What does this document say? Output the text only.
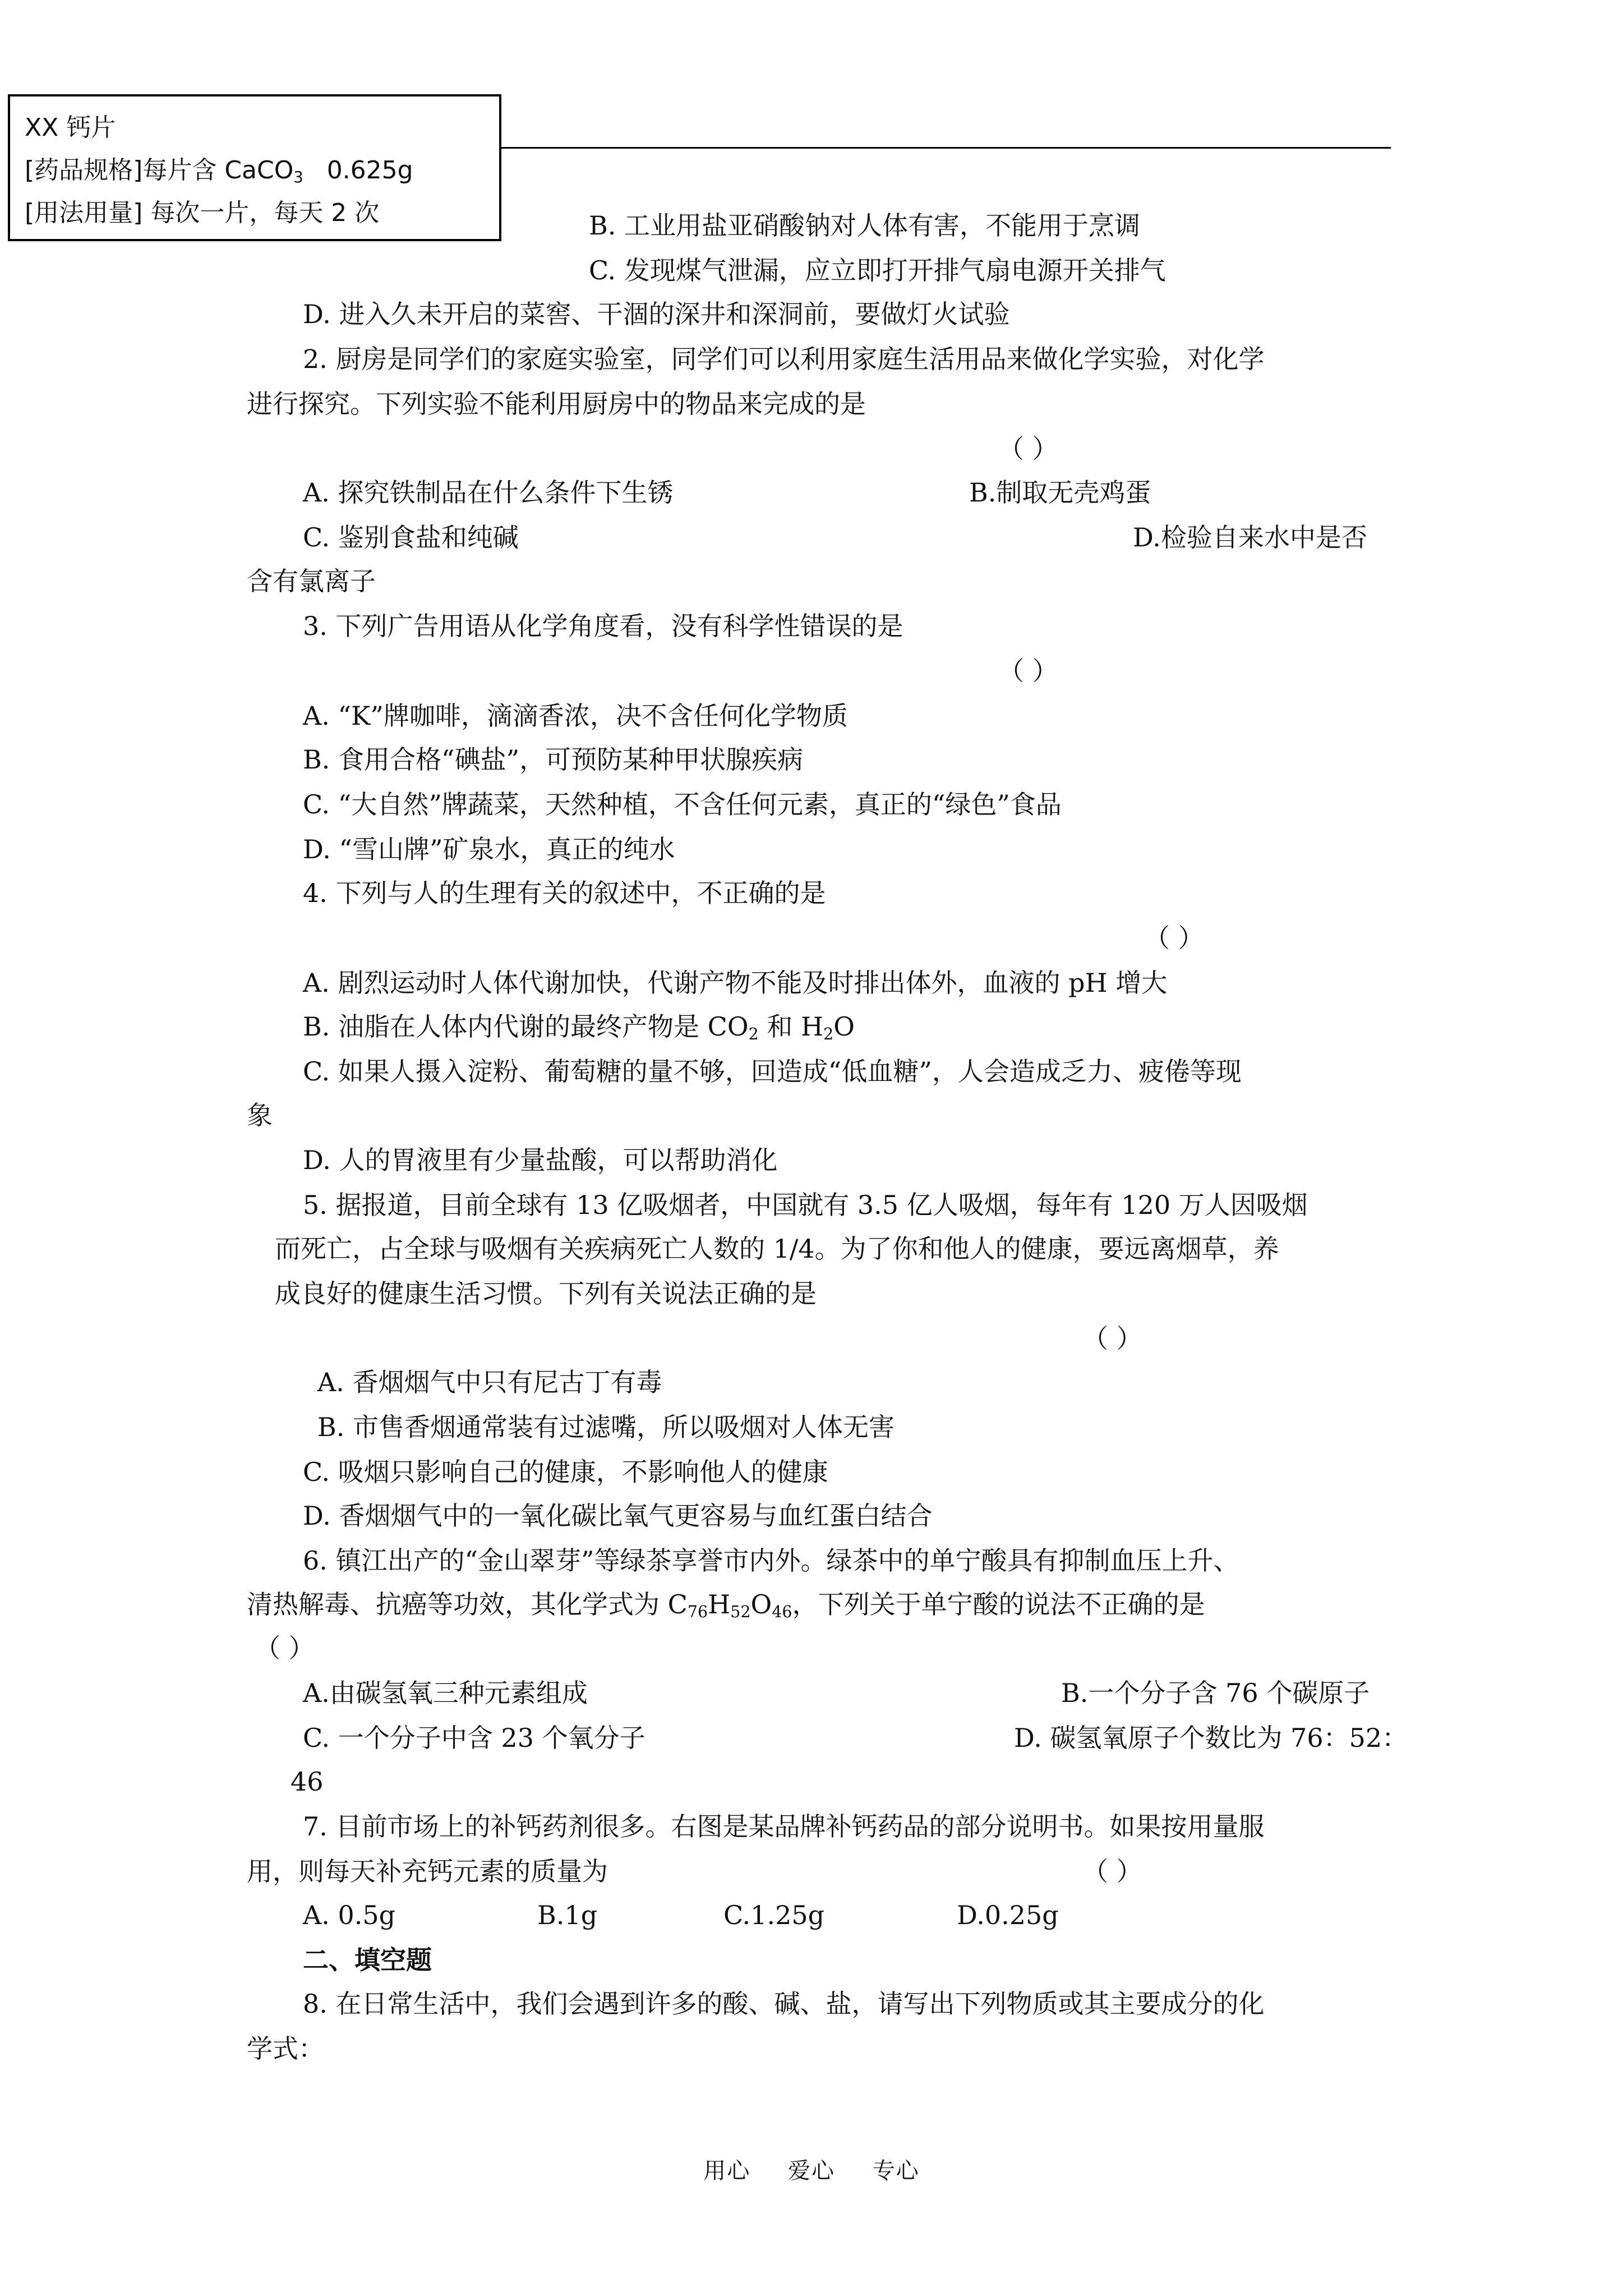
XX 钙片
[药品规格]每片含 CaCO$_3$ 0.625g
[用法用量] 每次一片，每天 2 次	B. 工业用盐亚硝酸钠对人体有害，不能用于烹调
C. 发现煤气泄漏，应立即打开排气扇电源开关排气
D. 进入久未开启的菜窖、干涸的深井和深洞前，要做灯火试验
2. 厨房是同学们的家庭实验室，同学们可以利用家庭生活用品来做化学实验，对化学
进行探究。下列实验不能利用厨房中的物品来完成的是
（ ）
A. 探究铁制品在什么条件下生锈	B.制取无壳鸡蛋
C. 鉴别食盐和纯碱	D.检验自来水中是否
含有氯离子
3. 下列广告用语从化学角度看，没有科学性错误的是
（ ）
A. “K”牌咖啡，滴滴香浓，决不含任何化学物质
B. 食用合格“碘盐”，可预防某种甲状腺疾病
C. “大自然”牌蔬菜，天然种植，不含任何元素，真正的“绿色”食品
D. “雪山牌”矿泉水，真正的纯水
4. 下列与人的生理有关的叙述中，不正确的是
（ ）
A. 剧烈运动时人体代谢加快，代谢产物不能及时排出体外，血液的 pH 增大
B. 油脂在人体内代谢的最终产物是 $CO_2$ 和 $H_2O$
C. 如果人摄入淀粉、葡萄糖的量不够，回造成“低血糖”，人会造成乏力、疲倦等现
象
D. 人的胃液里有少量盐酸，可以帮助消化
5. 据报道，目前全球有 13 亿吸烟者，中国就有 3.5 亿人吸烟，每年有 120 万人因吸烟
而死亡，占全球与吸烟有关疾病死亡人数的 1/4。为了你和他人的健康，要远离烟草，养
成良好的健康生活习惯。下列有关说法正确的是
（ ）
A. 香烟烟气中只有尼古丁有毒
B. 市售香烟通常装有过滤嘴，所以吸烟对人体无害
C. 吸烟只影响自己的健康，不影响他人的健康
D. 香烟烟气中的一氧化碳比氧气更容易与血红蛋白结合
6. 镇江出产的“金山翠芽”等绿茶享誉市内外。绿茶中的单宁酸具有抑制血压上升、
清热解毒、抗癌等功效，其化学式为 $C_{76}H_{52}O_{46}$，下列关于单宁酸的说法不正确的是
（ ）
A.由碳氢氧三种元素组成	B.一个分子含 76 个碳原子
C. 一个分子中含 23 个氧分子	D. 碳氢氧原子个数比为 76：52：
46
7. 目前市场上的补钙药剂很多。右图是某品牌补钙药品的部分说明书。如果按用量服
用，则每天补充钙元素的质量为	（ ）
A. 0.5g	B.1g	C.1.25g	D.0.25g
二、填空题
8. 在日常生活中，我们会遇到许多的酸、碱、盐，请写出下列物质或其主要成分的化
学式：
用心 爱心 专心
